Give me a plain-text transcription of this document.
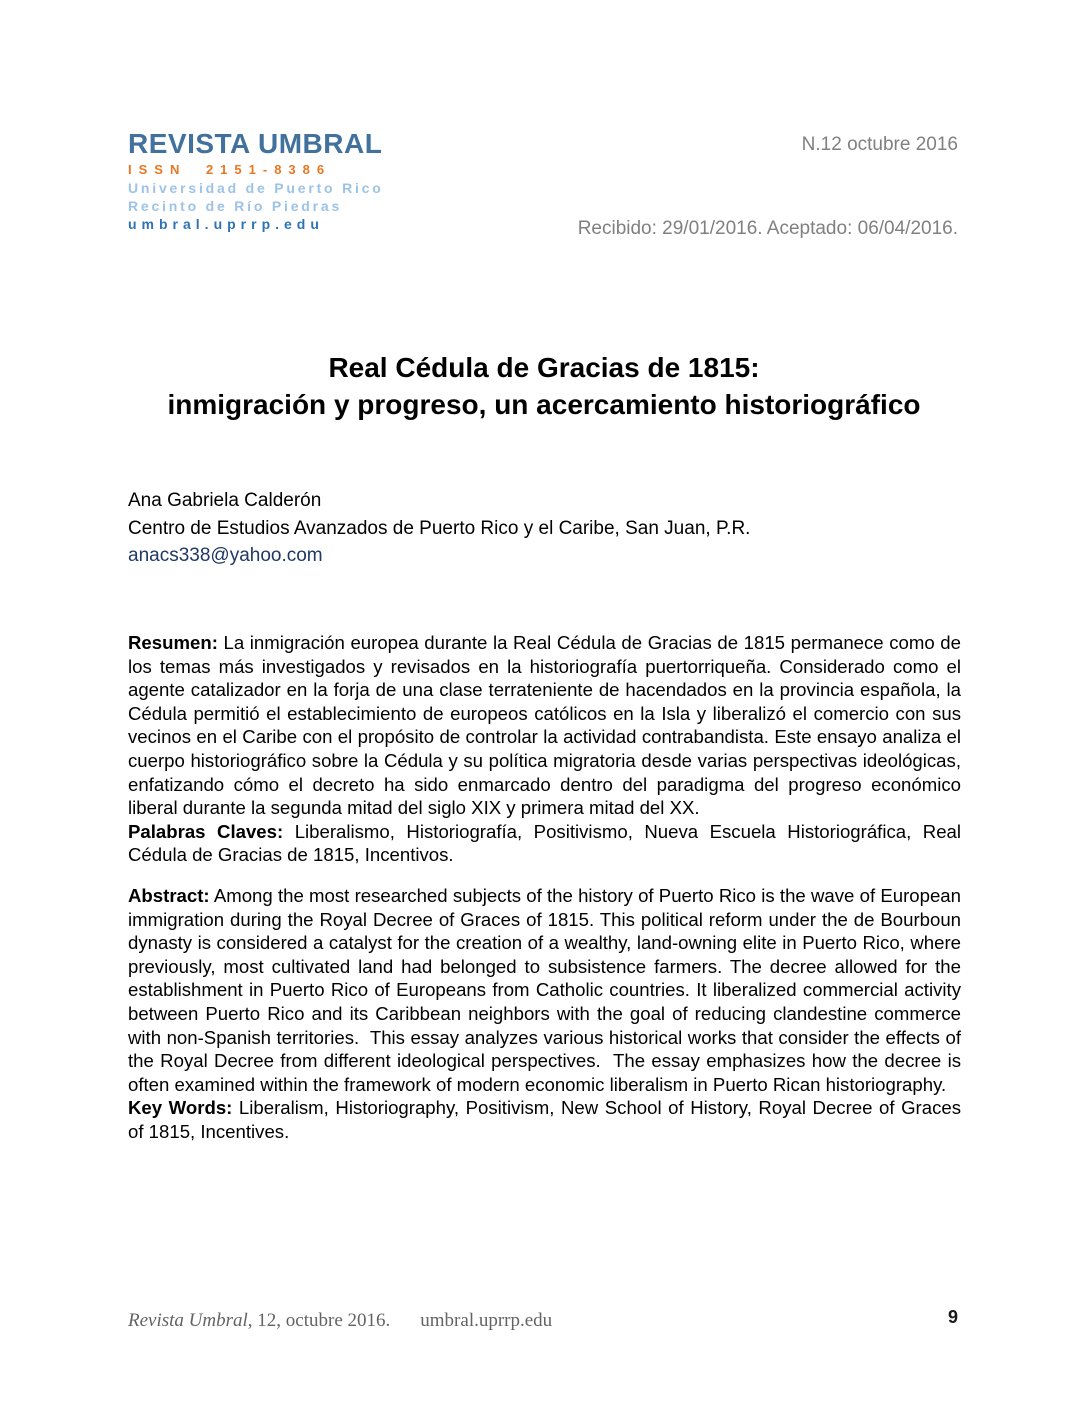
REVISTA UMBRAL
ISSN 2151-8386
Universidad de Puerto Rico
Recinto de Río Piedras
umbral.uprrp.edu
N.12 octubre 2016
Recibido: 29/01/2016. Aceptado: 06/04/2016.
Real Cédula de Gracias de 1815:
inmigración y progreso, un acercamiento historiográfico
Ana Gabriela Calderón
Centro de Estudios Avanzados de Puerto Rico y el Caribe, San Juan, P.R.
anacs338@yahoo.com

Resumen: La inmigración europea durante la Real Cédula de Gracias de 1815 permanece como de los temas más investigados y revisados en la historiografía puertorriqueña. Considerado como el agente catalizador en la forja de una clase terrateniente de hacendados en la provincia española, la Cédula permitió el establecimiento de europeos católicos en la Isla y liberalizó el comercio con sus vecinos en el Caribe con el propósito de controlar la actividad contrabandista. Este ensayo analiza el cuerpo historiográfico sobre la Cédula y su política migratoria desde varias perspectivas ideológicas, enfatizando cómo el decreto ha sido enmarcado dentro del paradigma del progreso económico liberal durante la segunda mitad del siglo XIX y primera mitad del XX.

Palabras Claves: Liberalismo, Historiografía, Positivismo, Nueva Escuela Historiográfica, Real Cédula de Gracias de 1815, Incentivos.

Abstract: Among the most researched subjects of the history of Puerto Rico is the wave of European immigration during the Royal Decree of Graces of 1815. This political reform under the de Bourboun dynasty is considered a catalyst for the creation of a wealthy, land-owning elite in Puerto Rico, where previously, most cultivated land had belonged to subsistence farmers. The decree allowed for the establishment in Puerto Rico of Europeans from Catholic countries. It liberalized commercial activity between Puerto Rico and its Caribbean neighbors with the goal of reducing clandestine commerce with non-Spanish territories.  This essay analyzes various historical works that consider the effects of the Royal Decree from different ideological perspectives.  The essay emphasizes how the decree is often examined within the framework of modern economic liberalism in Puerto Rican historiography.

Key Words: Liberalism, Historiography, Positivism, New School of History, Royal Decree of Graces of 1815, Incentives.

Revista Umbral, 12, octubre 2016. umbral.uprrp.edu	9
